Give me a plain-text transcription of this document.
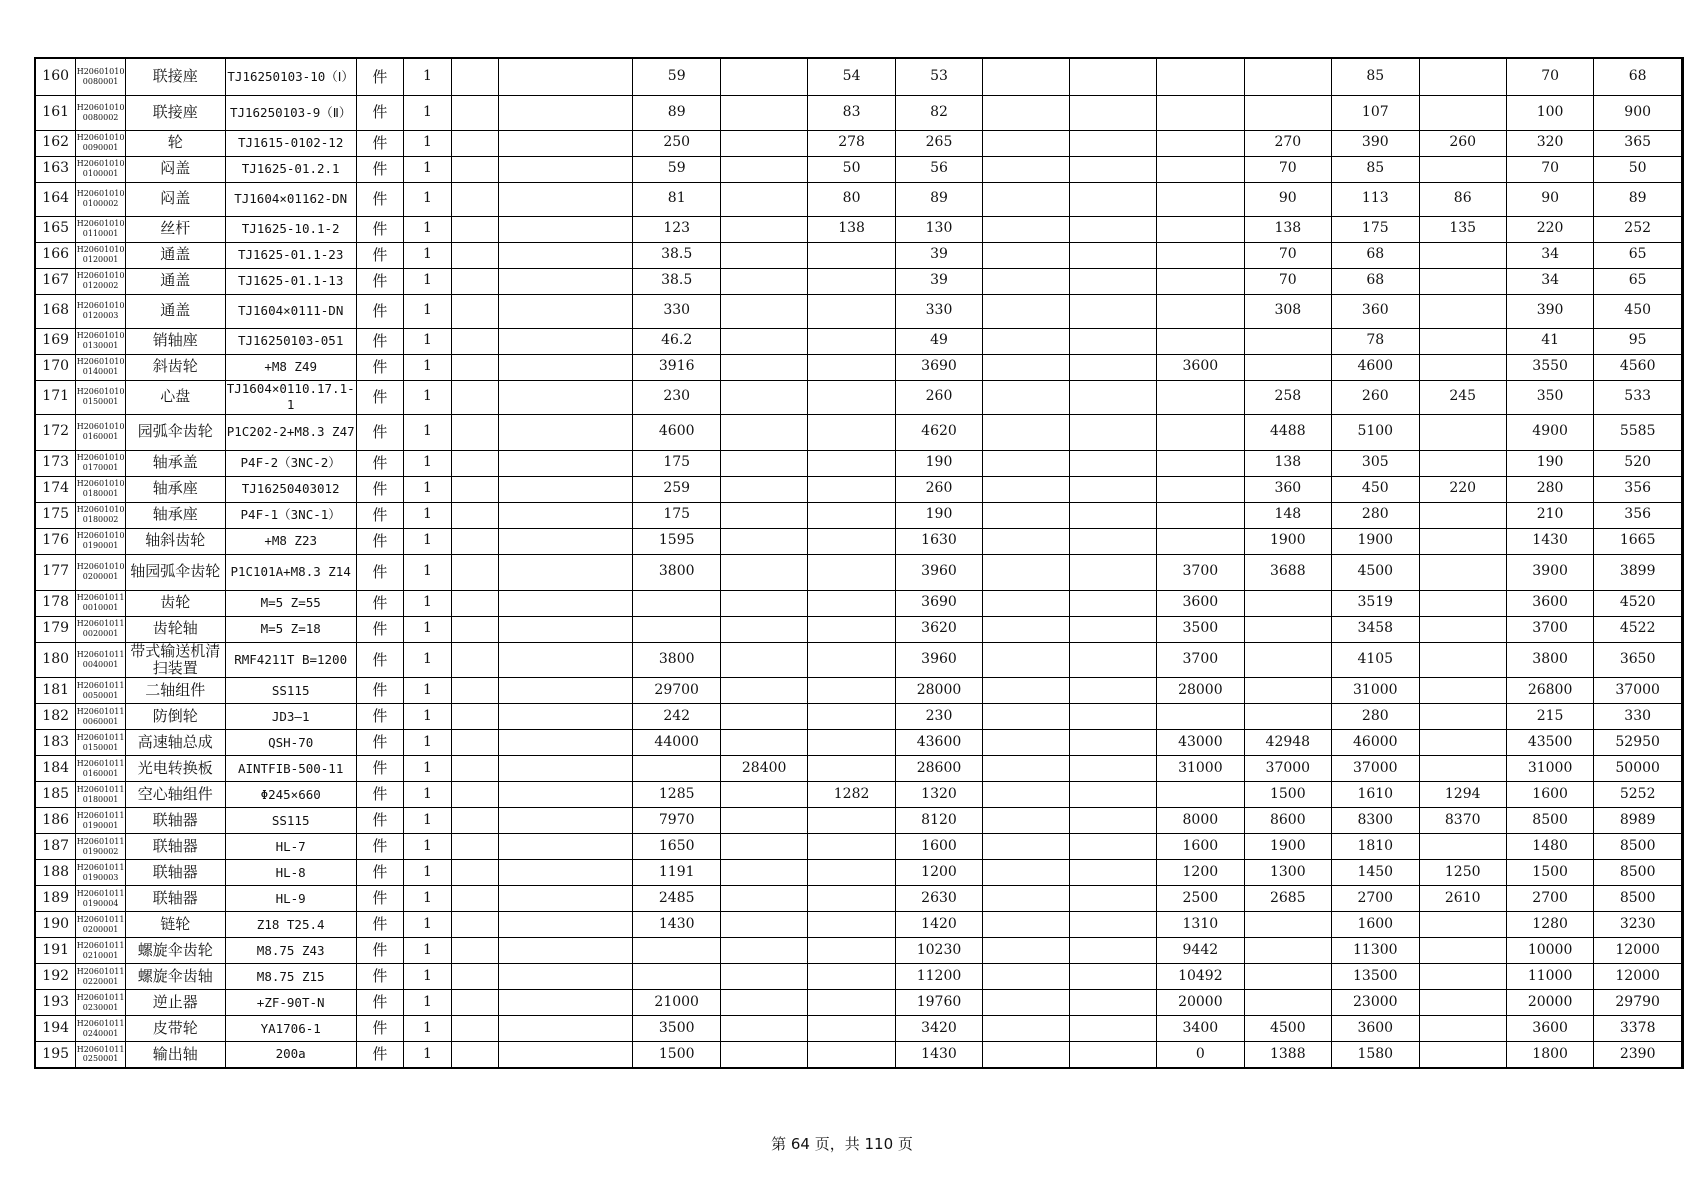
160	H206010100080001	联接座	TJ16250103-10（Ⅰ）	件	1			59		54	53					85		70	68	
161	H206010100080002	联接座	TJ16250103-9（Ⅱ）	件	1			89		83	82					107		100	900	
162	H206010100090001	轮	TJ1615-0102-12	件	1			250		278	265				270	390	260	320	365	
163	H206010100100001	闷盖	TJ1625-01.2.1	件	1			59		50	56				70	85		70	50	
164	H206010100100002	闷盖	TJ1604×01162-DN	件	1			81		80	89				90	113	86	90	89	
165	H206010100110001	丝杆	TJ1625-10.1-2	件	1			123		138	130				138	175	135	220	252	
166	H206010100120001	通盖	TJ1625-01.1-23	件	1			38.5			39				70	68		34	65	
167	H206010100120002	通盖	TJ1625-01.1-13	件	1			38.5			39				70	68		34	65	
168	H206010100120003	通盖	TJ1604×0111-DN	件	1			330			330				308	360		390	450	
169	H206010100130001	销轴座	TJ16250103-051	件	1			46.2			49					78		41	95	
170	H206010100140001	斜齿轮	+M8 Z49	件	1			3916			3690			3600		4600		3550	4560	
171	H206010100150001	心盘	TJ1604×0110.17.1-1	件	1			230			260				258	260	245	350	533	
172	H206010100160001	园弧伞齿轮	P1C202-2+M8.3 Z47	件	1			4600			4620				4488	5100		4900	5585	
173	H206010100170001	轴承盖	P4F-2（3NC-2）	件	1			175			190				138	305		190	520	
174	H206010100180001	轴承座	TJ16250403012	件	1			259			260				360	450	220	280	356	
175	H206010100180002	轴承座	P4F-1（3NC-1）	件	1			175			190				148	280		210	356	
176	H206010100190001	轴斜齿轮	+M8 Z23	件	1			1595			1630				1900	1900		1430	1665	
177	H206010100200001	轴园弧伞齿轮	P1C101A+M8.3 Z14	件	1			3800			3960			3700	3688	4500		3900	3899	
178	H206010110010001	齿轮	M=5 Z=55	件	1						3690			3600		3519		3600	4520	
179	H206010110020001	齿轮轴	M=5 Z=18	件	1						3620			3500		3458		3700	4522	
180	H206010110040001	带式输送机清扫装置	RMF4211T B=1200	件	1			3800			3960			3700		4105		3800	3650	
181	H206010110050001	二轴组件	SS115	件	1			29700			28000			28000		31000		26800	37000	
182	H206010110060001	防倒轮	JD3—1	件	1			242			230					280		215	330	
183	H206010110150001	高速轴总成	QSH-70	件	1			44000			43600			43000	42948	46000		43500	52950	
184	H206010110160001	光电转换板	AINTFIB-500-11	件	1				28400		28600			31000	37000	37000		31000	50000	
185	H206010110180001	空心轴组件	Φ245×660	件	1			1285		1282	1320				1500	1610	1294	1600	5252	
186	H206010110190001	联轴器	SS115	件	1			7970			8120			8000	8600	8300	8370	8500	8989	
187	H206010110190002	联轴器	HL-7	件	1			1650			1600			1600	1900	1810		1480	8500	
188	H206010110190003	联轴器	HL-8	件	1			1191			1200			1200	1300	1450	1250	1500	8500	
189	H206010110190004	联轴器	HL-9	件	1			2485			2630			2500	2685	2700	2610	2700	8500	
190	H206010110200001	链轮	Z18 T25.4	件	1			1430			1420			1310		1600		1280	3230	
191	H206010110210001	螺旋伞齿轮	M8.75 Z43	件	1						10230			9442		11300		10000	12000	
192	H206010110220001	螺旋伞齿轴	M8.75 Z15	件	1						11200			10492		13500		11000	12000	
193	H206010110230001	逆止器	+ZF-90T-N	件	1			21000			19760			20000		23000		20000	29790	
194	H206010110240001	皮带轮	YA1706-1	件	1			3500			3420			3400	4500	3600		3600	3378	
195	H206010110250001	输出轴	200a	件	1			1500			1430			0	1388	1580		1800	2390	
第 64 页，共 110 页
